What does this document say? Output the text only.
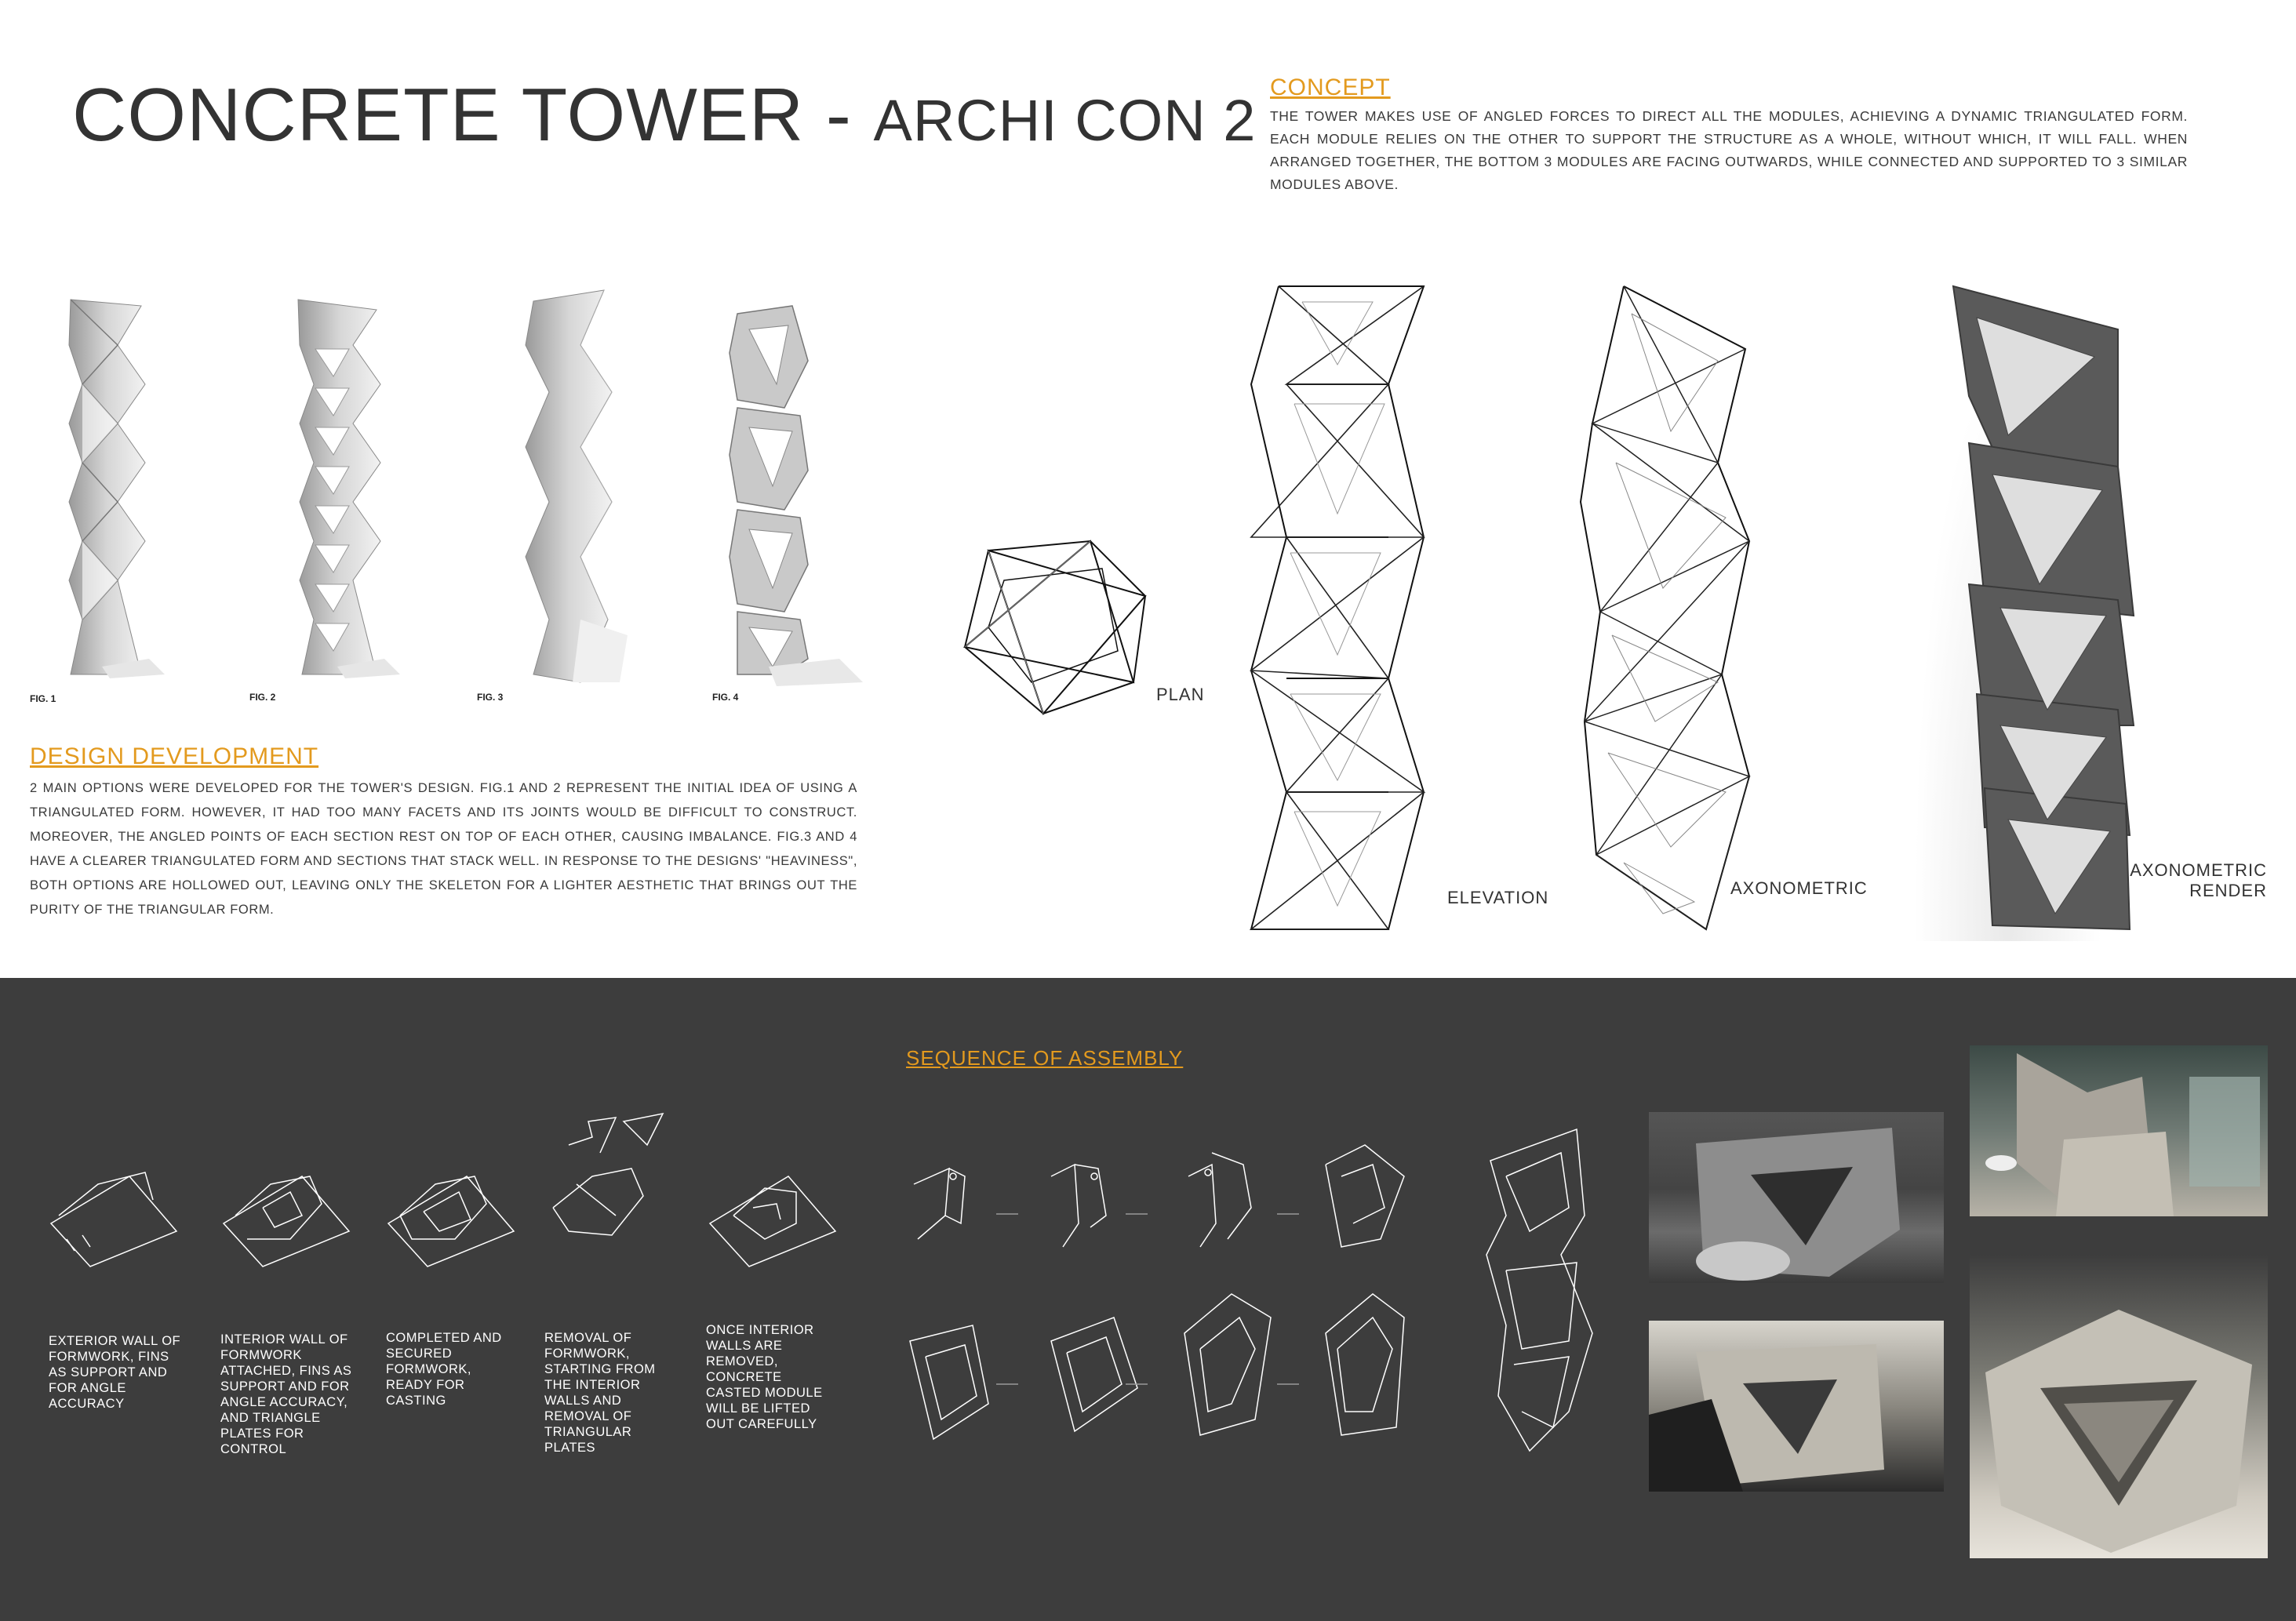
CONCRETE TOWER - ARCHI CON 2
CONCEPT
THE TOWER MAKES USE OF ANGLED FORCES TO DIRECT ALL THE MODULES, ACHIEVING A DYNAMIC TRIANGULATED FORM. EACH MODULE RELIES ON THE OTHER TO SUPPORT THE STRUCTURE AS A WHOLE, WITHOUT WHICH, IT WILL FALL. WHEN ARRANGED TOGETHER, THE BOTTOM 3 MODULES ARE FACING OUTWARDS, WHILE CONNECTED AND SUPPORTED TO 3 SIMILAR MODULES ABOVE.
FIG. 1	FIG. 2	FIG. 3	FIG. 4
DESIGN DEVELOPMENT
2 MAIN OPTIONS WERE DEVELOPED FOR THE TOWER'S DESIGN. FIG.1 AND 2 REPRESENT THE INITIAL IDEA OF USING A TRIANGULATED FORM. HOWEVER, IT HAD TOO MANY FACETS AND ITS JOINTS WOULD BE DIFFICULT TO CONSTRUCT. MOREOVER, THE ANGLED POINTS OF EACH SECTION REST ON TOP OF EACH OTHER, CAUSING IMBALANCE. FIG.3 AND 4 HAVE A CLEARER TRIANGULATED FORM AND SECTIONS THAT STACK WELL. IN RESPONSE TO THE DESIGNS' "HEAVINESS", BOTH OPTIONS ARE HOLLOWED OUT, LEAVING ONLY THE SKELETON FOR A LIGHTER AESTHETIC THAT BRINGS OUT THE PURITY OF THE TRIANGULAR FORM.
PLAN
ELEVATION	AXONOMETRIC
AXONOMETRIC
RENDER
SEQUENCE OF ASSEMBLY
EXTERIOR WALL OF FORMWORK, FINS AS SUPPORT AND FOR ANGLE ACCURACY
INTERIOR WALL OF FORMWORK ATTACHED, FINS AS SUPPORT AND FOR ANGLE ACCURACY, AND TRIANGLE PLATES FOR CONTROL
COMPLETED AND SECURED FORMWORK, READY FOR CASTING
REMOVAL OF FORMWORK, STARTING FROM THE INTERIOR WALLS AND REMOVAL OF TRIANGULAR PLATES
ONCE INTERIOR WALLS ARE REMOVED, CONCRETE CASTED MODULE WILL BE LIFTED OUT CAREFULLY
